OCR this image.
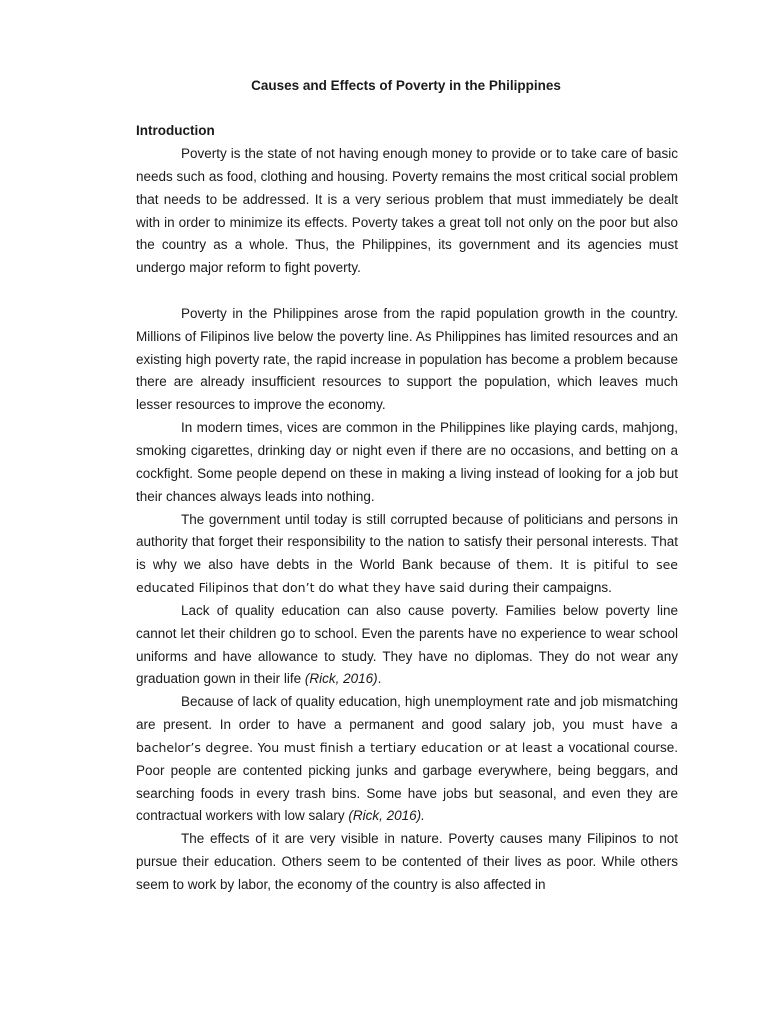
Causes and Effects of Poverty in the Philippines
Introduction

Poverty is the state of not having enough money to provide or to take care of basic needs such as food, clothing and housing. Poverty remains the most critical social problem that needs to be addressed. It is a very serious problem that must immediately be dealt with in order to minimize its effects. Poverty takes a great toll not only on the poor but also the country as a whole. Thus, the Philippines, its government and its agencies must undergo major reform to fight poverty.

Poverty in the Philippines arose from the rapid population growth in the country. Millions of Filipinos live below the poverty line. As Philippines has limited resources and an existing high poverty rate, the rapid increase in population has become a problem because there are already insufficient resources to support the population, which leaves much lesser resources to improve the economy.

In modern times, vices are common in the Philippines like playing cards, mahjong, smoking cigarettes, drinking day or night even if there are no occasions, and betting on a cockfight. Some people depend on these in making a living instead of looking for a job but their chances always leads into nothing.

The government until today is still corrupted because of politicians and persons in authority that forget their responsibility to the nation to satisfy their personal interests. That is why we also have debts in the World Bank because of them. It is pitiful to see educated Filipinos that don’t do what they have said during their campaigns.

Lack of quality education can also cause poverty. Families below poverty line cannot let their children go to school. Even the parents have no experience to wear school uniforms and have allowance to study. They have no diplomas. They do not wear any graduation gown in their life (Rick, 2016).

Because of lack of quality education, high unemployment rate and job mismatching are present. In order to have a permanent and good salary job, you must have a bachelor’s degree. You must finish a tertiary education or at least a vocational course. Poor people are contented picking junks and garbage everywhere, being beggars, and searching foods in every trash bins. Some have jobs but seasonal, and even they are contractual workers with low salary (Rick, 2016).

The effects of it are very visible in nature. Poverty causes many Filipinos to not pursue their education. Others seem to be contented of their lives as poor. While others seem to work by labor, the economy of the country is also affected in
